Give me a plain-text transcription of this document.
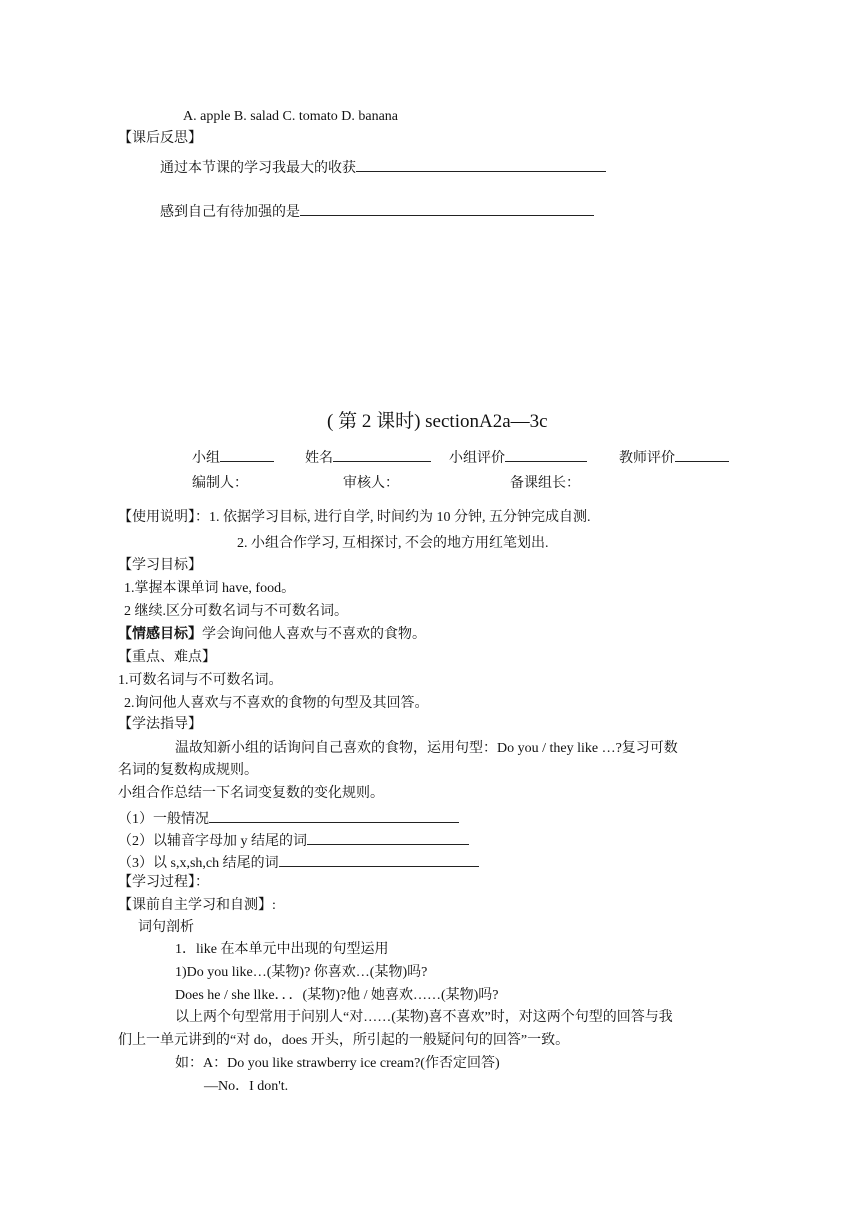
A. apple B. salad C. tomato D. banana
【课后反思】
通过本节课的学习我最大的收获
感到自己有待加强的是
( 第 2 课时) sectionA2a—3c
小组	姓名	小组评价	教师评价
编制人：	审核人：	备课组长：
【使用说明】：1. 依据学习目标, 进行自学, 时间约为 10 分钟, 五分钟完成自测.
2. 小组合作学习, 互相探讨, 不会的地方用红笔划出.
【学习目标】
1.掌握本课单词 have, food。
2 继续.区分可数名词与不可数名词。
【情感目标】学会询问他人喜欢与不喜欢的食物。
【重点、难点】
1.可数名词与不可数名词。
2.询问他人喜欢与不喜欢的食物的句型及其回答。
【学法指导】
温故知新小组的话询问自己喜欢的食物，运用句型：Do you / they like …?复习可数
名词的复数构成规则。
小组合作总结一下名词变复数的变化规则。
（1）一般情况
（2）以辅音字母加 y 结尾的词
（3）以 s,x,sh,ch 结尾的词
【学习过程】：
【课前自主学习和自测】:
词句剖析
1．like 在本单元中出现的句型运用
1)Do you like…(某物)? 你喜欢…(某物)吗?
Does he / she llke．．．(某物)?他 / 她喜欢……(某物)吗?
以上两个句型常用于问别人“对……(某物)喜不喜欢”时，对这两个句型的回答与我
们上一单元讲到的“对 do，does 开头，所引起的一般疑问句的回答”一致。
如：A：Do you like strawberry ice cream?(作否定回答)
—No．I don't.
